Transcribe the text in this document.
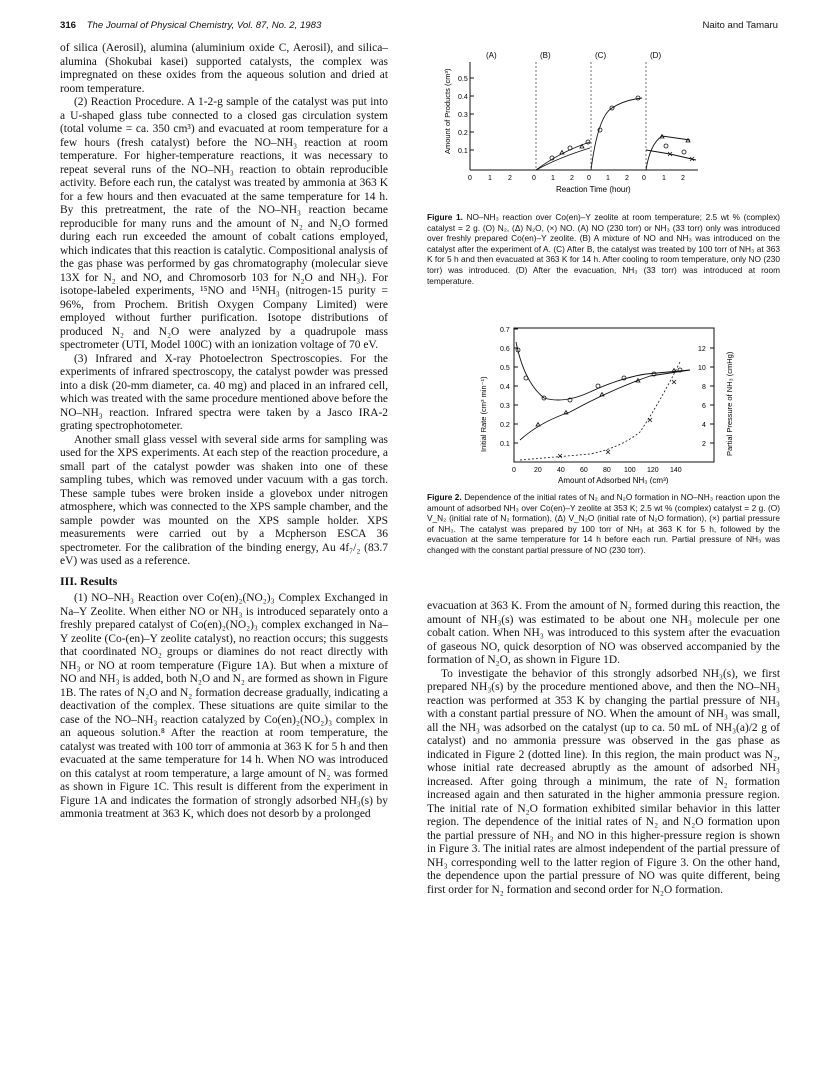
316 The Journal of Physical Chemistry, Vol. 87, No. 2, 1983	Naito and Tamaru

of silica (Aerosil), alumina (aluminium oxide C, Aerosil), and silica–alumina (Shokubai kasei) supported catalysts, the complex was impregnated on these oxides from the aqueous solution and dried at room temperature.

(2) Reaction Procedure. A 1-2-g sample of the catalyst was put into a U-shaped glass tube connected to a closed gas circulation system (total volume = ca. 350 cm³) and evacuated at room temperature for a few hours (fresh catalyst) before the NO–NH₃ reaction at room temperature. For higher-temperature reactions, it was necessary to repeat several runs of the NO–NH₃ reaction to obtain reproducible activity. Before each run, the catalyst was treated by ammonia at 363 K for a few hours and then evacuated at the same temperature for 14 h. By this pretreatment, the rate of the NO–NH₃ reaction became reproducible for many runs and the amount of N₂ and N₂O formed during each run exceeded the amount of cobalt cations employed, which indicates that this reaction is catalytic. Compositional analysis of the gas phase was performed by gas chromatography (molecular sieve 13X for N₂ and NO, and Chromosorb 103 for N₂O and NH₃). For isotope-labeled experiments, ¹⁵NO and ¹⁵NH₃ (nitrogen-15 purity = 96%, from Prochem. British Oxygen Company Limited) were employed without further purification. Isotope distributions of produced N₂ and N₂O were analyzed by a quadrupole mass spectrometer (UTI, Model 100C) with an ionization voltage of 70 eV.

(3) Infrared and X-ray Photoelectron Spectroscopies. For the experiments of infrared spectroscopy, the catalyst powder was pressed into a disk (20-mm diameter, ca. 40 mg) and placed in an infrared cell, which was treated with the same procedure mentioned above before the NO–NH₃ reaction. Infrared spectra were taken by a Jasco IRA-2 grating spectrophotometer.

Another small glass vessel with several side arms for sampling was used for the XPS experiments. At each step of the reaction procedure, a small part of the catalyst powder was shaken into one of these sampling tubes, which was removed under vacuum with a gas torch. These sample tubes were broken inside a glovebox under nitrogen atmosphere, which was connected to the XPS sample chamber, and the sample powder was mounted on the XPS sample holder. XPS measurements were carried out by a Mcpherson ESCA 36 spectrometer. For the calibration of the binding energy, Au 4f₇/₂ (83.7 eV) was used as a reference.

III. Results

(1) NO–NH₃ Reaction over Co(en)₂(NO₂)₃ Complex Exchanged in Na–Y Zeolite. When either NO or NH₃ is introduced separately onto a freshly prepared catalyst of Co(en)₂(NO₂)₃ complex exchanged in Na–Y zeolite (Co-(en)–Y zeolite catalyst), no reaction occurs; this suggests that coordinated NO₂ groups or diamines do not react directly with NH₃ or NO at room temperature (Figure 1A). But when a mixture of NO and NH₃ is added, both N₂O and N₂ are formed as shown in Figure 1B. The rates of N₂O and N₂ formation decrease gradually, indicating a deactivation of the complex. These situations are quite similar to the case of the NO–NH₃ reaction catalyzed by Co(en)₂(NO₂)₃ complex in an aqueous solution.⁸ After the reaction at room temperature, the catalyst was treated with 100 torr of ammonia at 363 K for 5 h and then evacuated at the same temperature for 14 h. When NO was introduced on this catalyst at room temperature, a large amount of N₂ was formed as shown in Figure 1C. This result is different from the experiment in Figure 1A and indicates the formation of strongly adsorbed NH₃(s) by ammonia treatment at 363 K, which does not desorb by a prolonged

(A)	(B)	(C)	(D)
0.1
0.2
0.3
0.4
0.5
Amount of Products (cm³)
0 1 2	0 1 2 0 1 2 0 1 2
Reaction Time (hour)
Figure 1. NO–NH₃ reaction over Co(en)–Y zeolite at room temperature; 2.5 wt % (complex) catalyst = 2 g. (O) N₂, (Δ) N₂O, (×) NO. (A) NO (230 torr) or NH₃ (33 torr) only was introduced over freshly prepared Co(en)–Y zeolite. (B) A mixture of NO and NH₃ was introduced on the catalyst after the experiment of A. (C) After B, the catalyst was treated by 100 torr of NH₃ at 363 K for 5 h and then evacuated at 363 K for 14 h. After cooling to room temperature, only NO (230 torr) was introduced. (D) After the evacuation, NH₃ (33 torr) was introduced at room temperature.
0.1
0.2
0.3
0.4
0.5
0.6
0.7
Initial Rate (cm³ min⁻¹)	2
4
6
8
10
12
Partial Pressure of NH₃ (cmHg)
0	20 40 60 80 100 120 140
Amount of Adsorbed NH₃ (cm³)
Figure 2. Dependence of the initial rates of N₂ and N₂O formation in NO–NH₃ reaction upon the amount of adsorbed NH₃ over Co(en)–Y zeolite at 353 K; 2.5 wt % (complex) catalyst = 2 g. (O) V_N₂ (initial rate of N₂ formation), (Δ) V_N₂O (initial rate of N₂O formation), (×) partial pressure of NH₃. The catalyst was prepared by 100 torr of NH₃ at 363 K for 5 h, followed by the evacuation at the same temperature for 14 h before each run. Partial pressure of NH₃ was changed with the constant partial pressure of NO (230 torr).

evacuation at 363 K. From the amount of N₂ formed during this reaction, the amount of NH₃(s) was estimated to be about one NH₃ molecule per one cobalt cation. When NH₃ was introduced to this system after the evacuation of gaseous NO, quick desorption of NO was observed accompanied by the formation of N₂O, as shown in Figure 1D.

To investigate the behavior of this strongly adsorbed NH₃(s), we first prepared NH₃(s) by the procedure mentioned above, and then the NO–NH₃ reaction was performed at 353 K by changing the partial pressure of NH₃ with a constant partial pressure of NO. When the amount of NH₃ was small, all the NH₃ was adsorbed on the catalyst (up to ca. 50 mL of NH₃(a)/2 g of catalyst) and no ammonia pressure was observed in the gas phase as indicated in Figure 2 (dotted line). In this region, the main product was N₂, whose initial rate decreased abruptly as the amount of adsorbed NH₃ increased. After going through a minimum, the rate of N₂ formation increased again and then saturated in the higher ammonia pressure region. The initial rate of N₂O formation exhibited similar behavior in this latter region. The dependence of the initial rates of N₂ and N₂O formation upon the partial pressure of NH₃ and NO in this higher-pressure region is shown in Figure 3. The initial rates are almost independent of the partial pressure of NH₃ corresponding well to the latter region of Figure 3. On the other hand, the dependence upon the partial pressure of NO was quite different, being first order for N₂ formation and second order for N₂O formation.
